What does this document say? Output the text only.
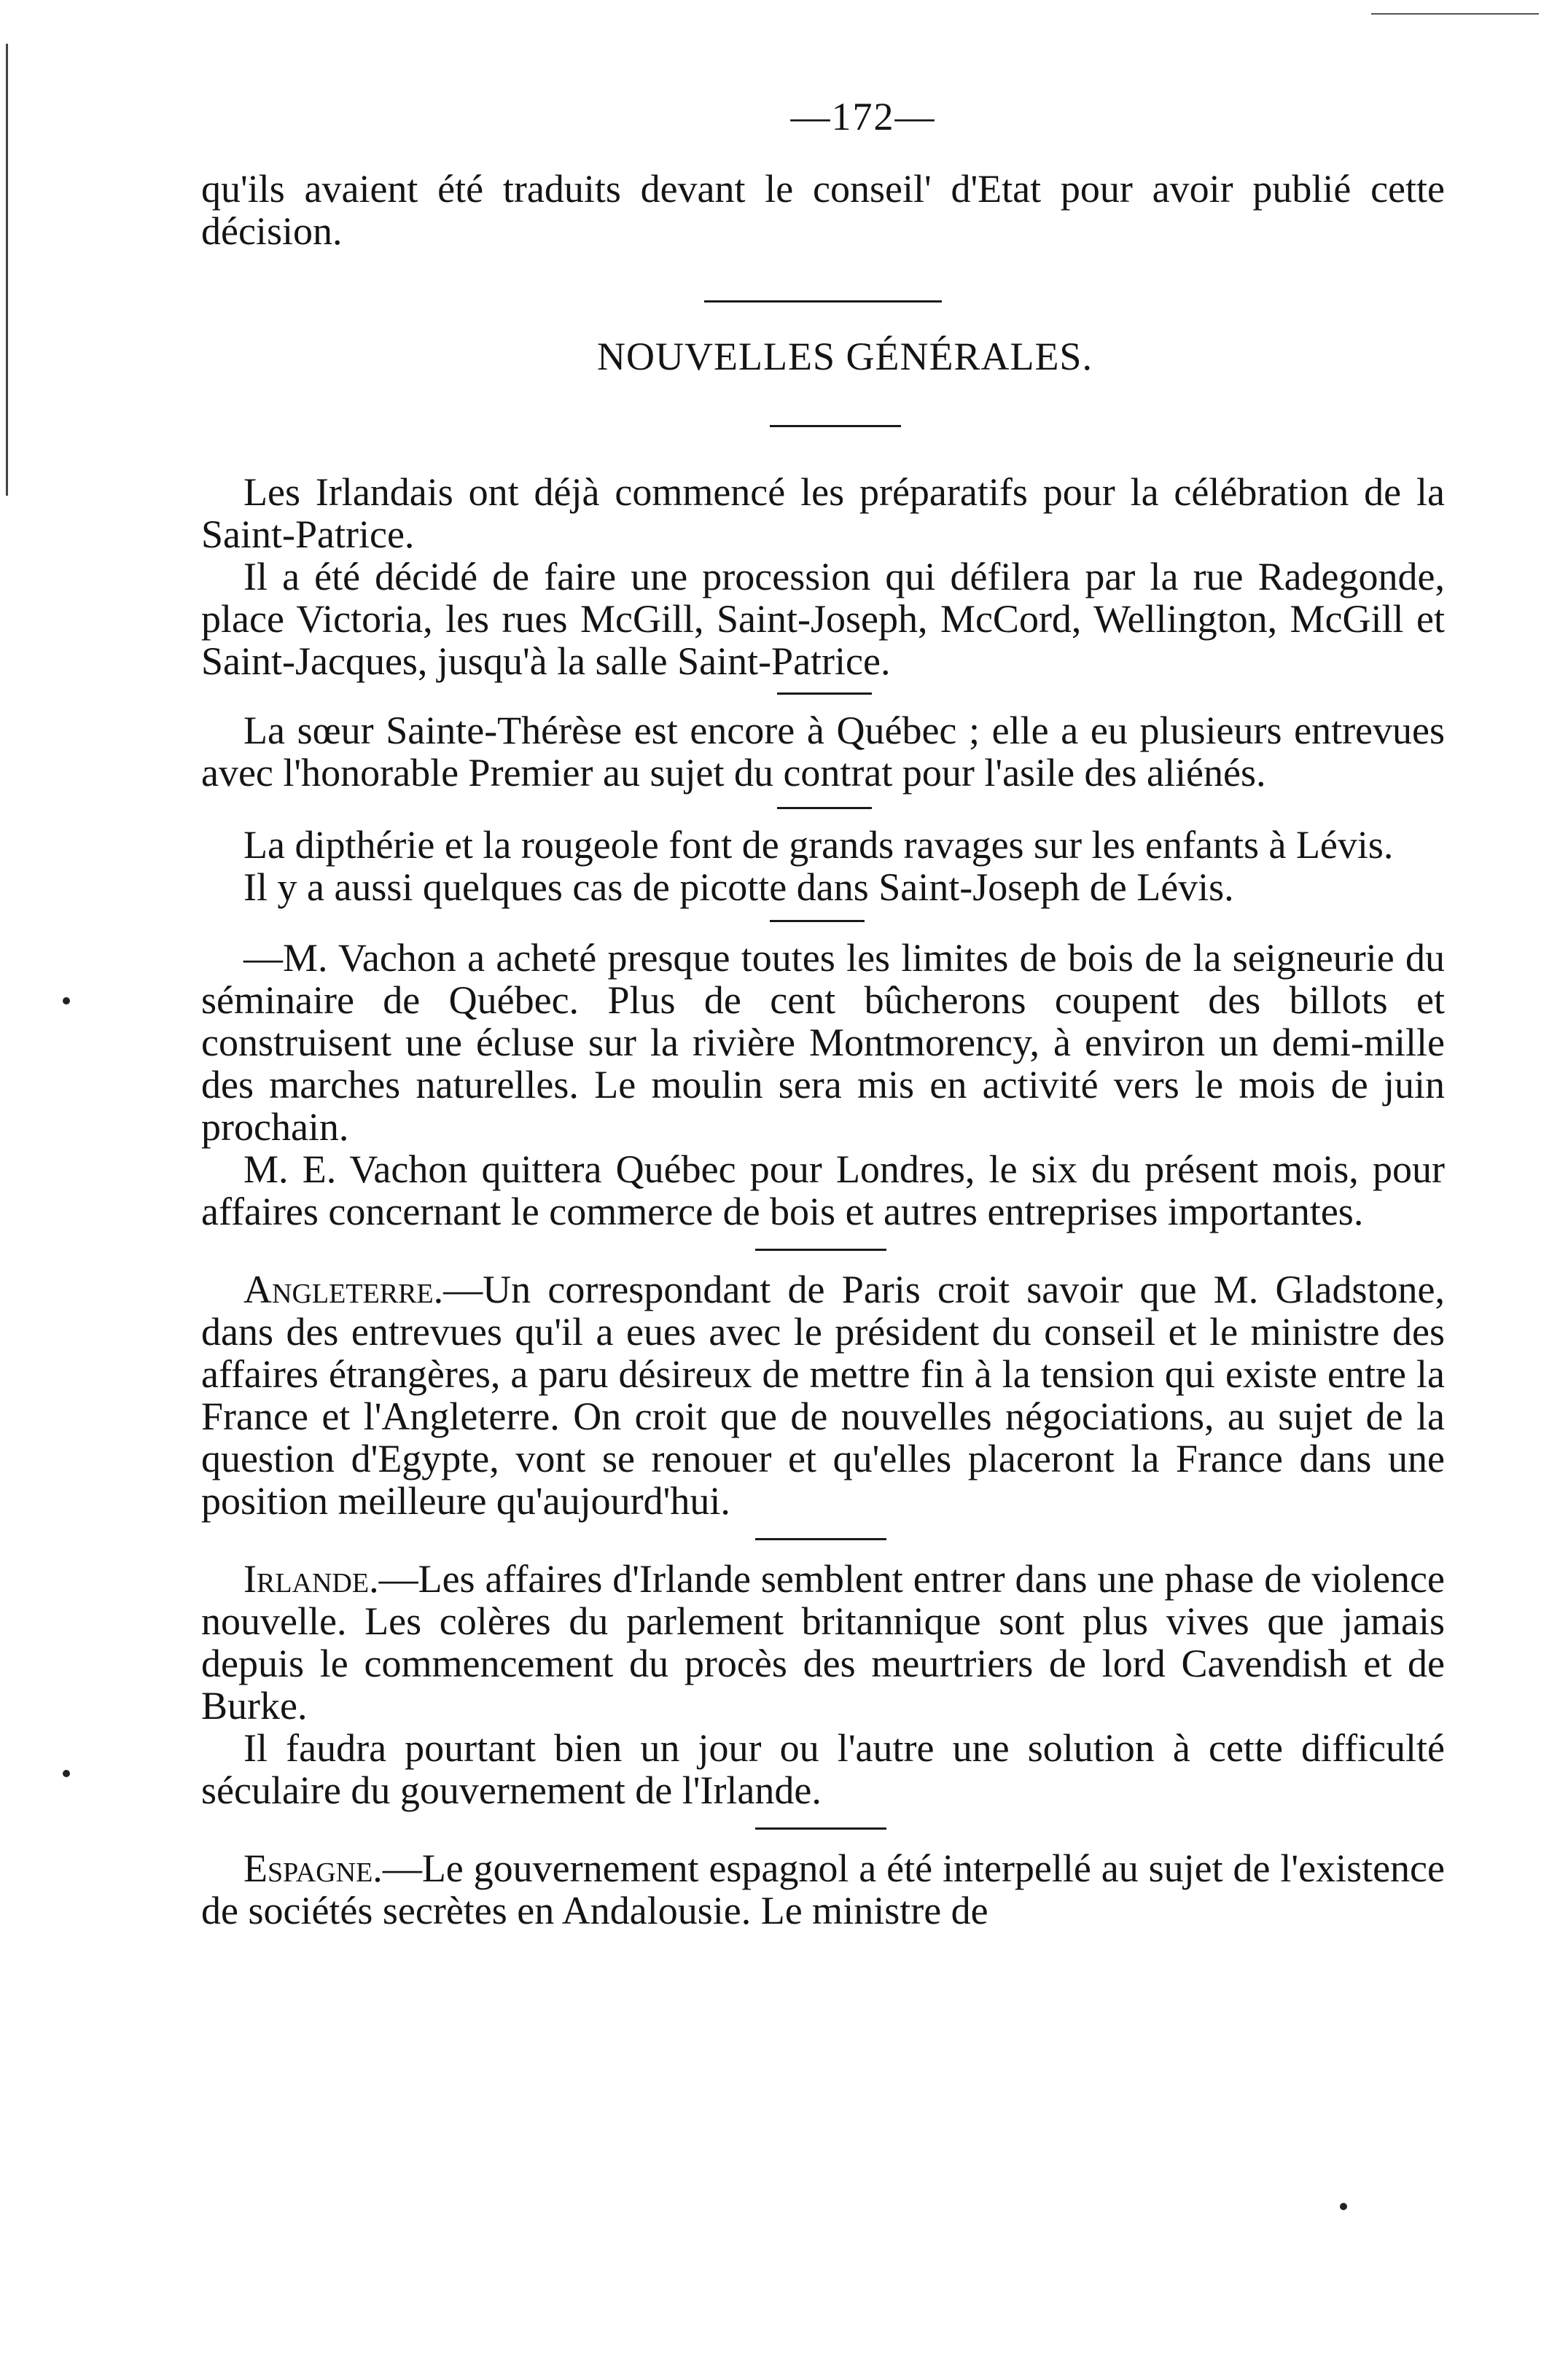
—172—

qu'ils avaient été traduits devant le conseil' d'Etat pour avoir publié cette décision.

NOUVELLES GÉNÉRALES.

Les Irlandais ont déjà commencé les préparatifs pour la célébration de la Saint-Patrice.

Il a été décidé de faire une procession qui défilera par la rue Radegonde, place Victoria, les rues McGill, Saint-Joseph, McCord, Wellington, McGill et Saint-Jacques, jusqu'à la salle Saint-Patrice.

La sœur Sainte-Thérèse est encore à Québec ; elle a eu plusieurs entrevues avec l'honorable Premier au sujet du contrat pour l'asile des aliénés.

La dipthérie et la rougeole font de grands ravages sur les enfants à Lévis.

Il y a aussi quelques cas de picotte dans Saint-Joseph de Lévis.

—M. Vachon a acheté presque toutes les limites de bois de la seigneurie du séminaire de Québec. Plus de cent bûcherons coupent des billots et construisent une écluse sur la rivière Montmorency, à environ un demi-mille des marches naturelles. Le moulin sera mis en activité vers le mois de juin prochain.

M. E. Vachon quittera Québec pour Londres, le six du présent mois, pour affaires concernant le commerce de bois et autres entreprises importantes.

Angleterre.—Un correspondant de Paris croit savoir que M. Gladstone, dans des entrevues qu'il a eues avec le président du conseil et le ministre des affaires étrangères, a paru désireux de mettre fin à la tension qui existe entre la France et l'Angleterre. On croit que de nouvelles négociations, au sujet de la question d'Egypte, vont se renouer et qu'elles placeront la France dans une position meilleure qu'aujourd'hui.

Irlande.—Les affaires d'Irlande semblent entrer dans une phase de violence nouvelle. Les colères du parlement britannique sont plus vives que jamais depuis le commencement du procès des meurtriers de lord Cavendish et de Burke.

Il faudra pourtant bien un jour ou l'autre une solution à cette difficulté séculaire du gouvernement de l'Irlande.

Espagne.—Le gouvernement espagnol a été interpellé au sujet de l'existence de sociétés secrètes en Andalousie. Le ministre de
